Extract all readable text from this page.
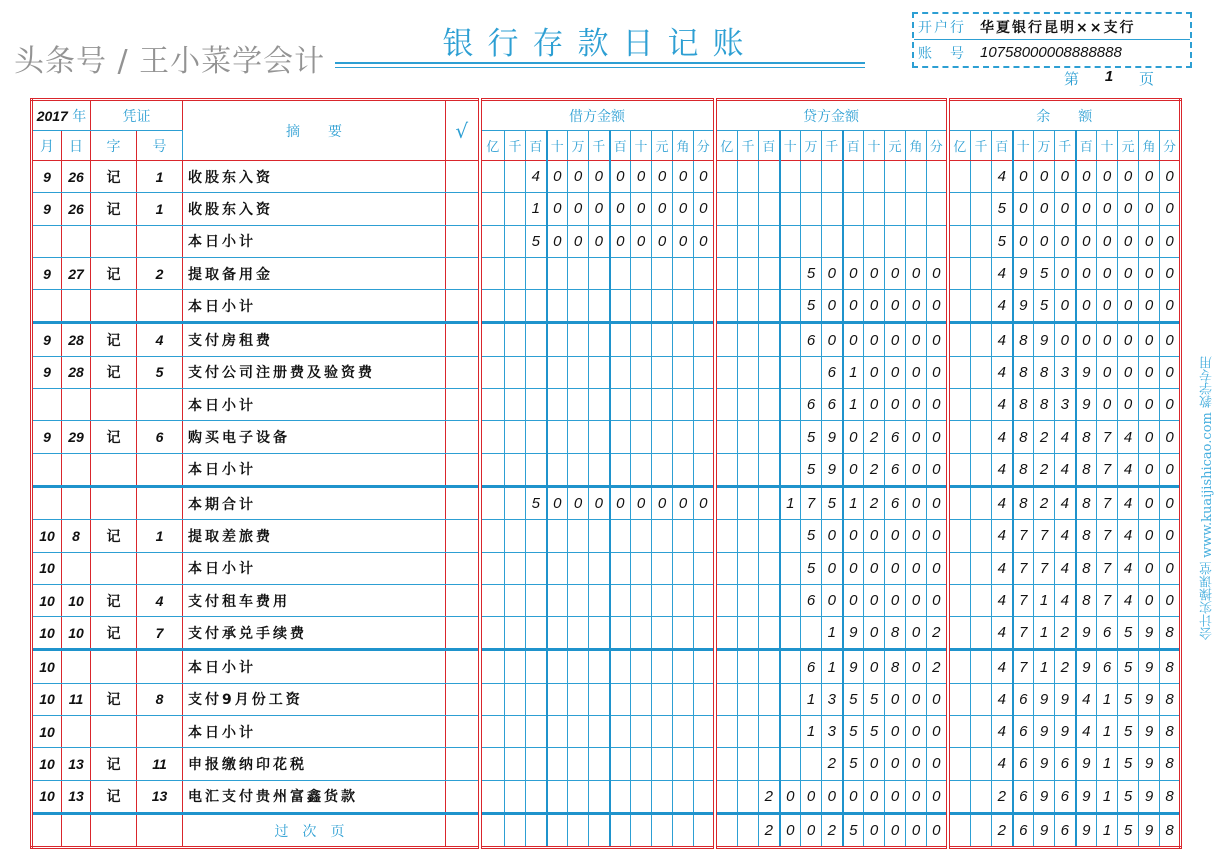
银行存款日记账	开户行	华夏银行昆明××支行
账　号 10758000008888888
第	1	页
2017 年		凭证		摘　　要	√	借方金额											贷方金额											余　　额										
月	日	字	号			亿	千	百	十	万	千	百	十	元	角	分	亿	千	百	十	万	千	百	十	元	角	分	亿	千	百	十	万	千	百	十	元	角	分
9	26	记	1	收股东入资				4	0	0	0	0	0	0	0	0														4	0	0	0	0	0	0	0	0
9	26	记	1	收股东入资				1	0	0	0	0	0	0	0	0														5	0	0	0	0	0	0	0	0
				本日小计				5	0	0	0	0	0	0	0	0														5	0	0	0	0	0	0	0	0
9	27	记	2	提取备用金																	5	0	0	0	0	0	0			4	9	5	0	0	0	0	0	0
				本日小计																	5	0	0	0	0	0	0			4	9	5	0	0	0	0	0	0
9	28	记	4	支付房租费																	6	0	0	0	0	0	0			4	8	9	0	0	0	0	0	0
9	28	记	5	支付公司注册费及验资费																		6	1	0	0	0	0			4	8	8	3	9	0	0	0	0
				本日小计																	6	6	1	0	0	0	0			4	8	8	3	9	0	0	0	0
9	29	记	6	购买电子设备																	5	9	0	2	6	0	0			4	8	2	4	8	7	4	0	0
				本日小计																	5	9	0	2	6	0	0			4	8	2	4	8	7	4	0	0
				本期合计				5	0	0	0	0	0	0	0	0				1	7	5	1	2	6	0	0			4	8	2	4	8	7	4	0	0
10	8	记	1	提取差旅费																	5	0	0	0	0	0	0			4	7	7	4	8	7	4	0	0
10				本日小计																	5	0	0	0	0	0	0			4	7	7	4	8	7	4	0	0
10	10	记	4	支付租车费用																	6	0	0	0	0	0	0			4	7	1	4	8	7	4	0	0
10	10	记	7	支付承兑手续费																		1	9	0	8	0	2			4	7	1	2	9	6	5	9	8
10				本日小计																	6	1	9	0	8	0	2			4	7	1	2	9	6	5	9	8
10	11	记	8	支付9月份工资																	1	3	5	5	0	0	0			4	6	9	9	4	1	5	9	8
10				本日小计																	1	3	5	5	0	0	0			4	6	9	9	4	1	5	9	8
10	13	记	11	申报缴纳印花税																		2	5	0	0	0	0			4	6	9	6	9	1	5	9	8
10	13	记	13	电汇支付贵州富鑫货款															2	0	0	0	0	0	0	0	0			2	6	9	6	9	1	5	9	8
				过次页															2	0	0	2	5	0	0	0	0			2	6	9	6	9	1	5	9	8
会计实操课堂 www.kuaijishicao.com 教学专用
头条号 / 王小菜学会计
